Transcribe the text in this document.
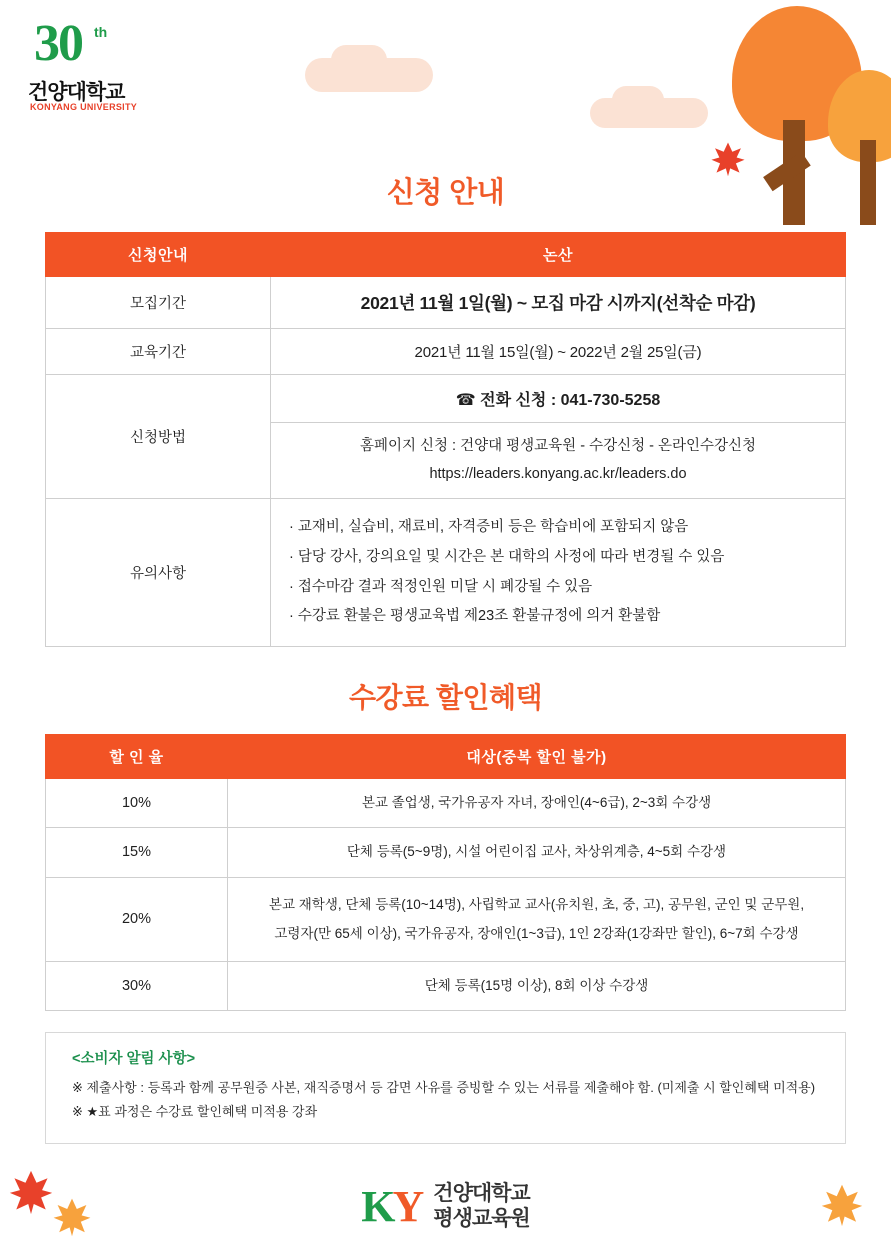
30 th
건양대학교
KONYANG UNIVERSITY
신청 안내
신청안내	논산
모집기간	2021년 11월 1일(월) ~ 모집 마감 시까지(선착순 마감)
교육기간	2021년 11월 15일(월) ~ 2022년 2월 25일(금)
신청방법	☎ 전화 신청 : 041-730-5258

	홈페이지 신청 : 건양대 평생교육원 - 수강신청 - 온라인수강신청
https://leaders.konyang.ac.kr/leaders.do

유의사항	· 교재비, 실습비, 재료비, 자격증비 등은 학습비에 포함되지 않음
· 담당 강사, 강의요일 및 시간은 본 대학의 사정에 따라 변경될 수 있음
· 접수마감 결과 적정인원 미달 시 폐강될 수 있음
· 수강료 환불은 평생교육법 제23조 환불규정에 의거 환불함
수강료 할인혜택
할 인 율	대상(중복 할인 불가)
10%	본교 졸업생, 국가유공자 자녀, 장애인(4~6급), 2~3회 수강생
15%	단체 등록(5~9명), 시설 어린이집 교사, 차상위계층, 4~5회 수강생
20%	본교 재학생, 단체 등록(10~14명), 사립학교 교사(유치원, 초, 중, 고), 공무원, 군인 및 군무원,
고령자(만 65세 이상), 국가유공자, 장애인(1~3급), 1인 2강좌(1강좌만 할인), 6~7회 수강생

30%	단체 등록(15명 이상), 8회 이상 수강생
<소비자 알림 사항>
※ 제출사항 : 등록과 함께 공무원증 사본, 재직증명서 등 감면 사유를 증빙할 수 있는 서류를 제출해야 함. (미제출 시 할인혜택 미적용)
※ ★표 과정은 수강료 할인혜택 미적용 강좌
KY 건양대학교
평생교육원
